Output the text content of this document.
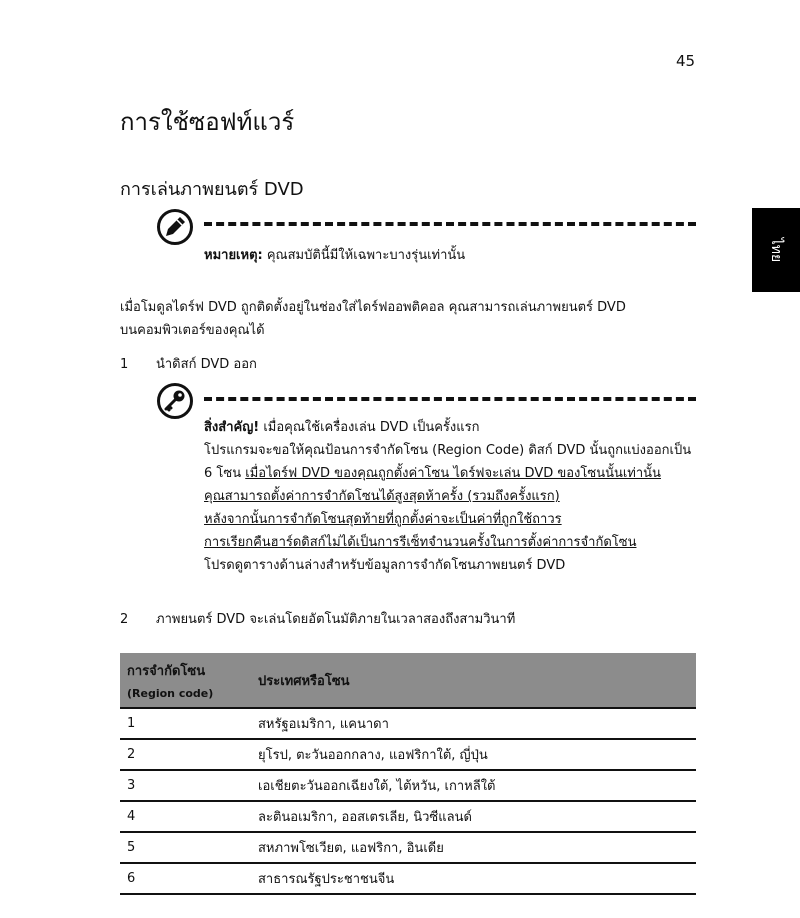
45
ไทย
การใช้ซอฟท์แวร์
การเล่นภาพยนตร์ DVD
หมายเหตุ: คุณสมบัตินี้มีให้เฉพาะบางรุ่นเท่านั้น
เมื่อโมดูลไดร์ฟ DVD ถูกติดตั้งอยู่ในช่องใส่ไดร์ฟออพติคอล คุณสามารถเล่นภาพยนตร์ DVD
บนคอมพิวเตอร์ของคุณได้
1 นำดิสก์ DVD ออก
สิ่งสำคัญ! เมื่อคุณใช้เครื่องเล่น DVD เป็นครั้งแรก
โปรแกรมจะขอให้คุณป้อนการจำกัดโซน (Region Code) ดิสก์ DVD นั้นถูกแบ่งออกเป็น
6 โซน เมื่อไดร์ฟ DVD ของคุณถูกตั้งค่าโซน ไดร์ฟจะเล่น DVD ของโซนนั้นเท่านั้น
คุณสามารถตั้งค่าการจำกัดโซนได้สูงสุดห้าครั้ง (รวมถึงครั้งแรก)
หลังจากนั้นการจำกัดโซนสุดท้ายที่ถูกตั้งค่าจะเป็นค่าที่ถูกใช้ถาวร
การเรียกคืนฮาร์ดดิสก์ไม่ได้เป็นการรีเซ็ทจำนวนครั้งในการตั้งค่าการจำกัดโซน
โปรดดูตารางด้านล่างสำหรับข้อมูลการจำกัดโซนภาพยนตร์ DVD
2 ภาพยนตร์ DVD จะเล่นโดยอัตโนมัติภายในเวลาสองถึงสามวินาที
การจำกัดโซน
(Region code)	ประเทศหรือโซน
1	สหรัฐอเมริกา, แคนาดา
2	ยุโรป, ตะวันออกกลาง, แอฟริกาใต้, ญี่ปุ่น
3	เอเชียตะวันออกเฉียงใต้, ไต้หวัน, เกาหลีใต้
4	ละตินอเมริกา, ออสเตรเลีย, นิวซีแลนด์
5	สหภาพโซเวียต, แอฟริกา, อินเดีย
6	สาธารณรัฐประชาชนจีน
